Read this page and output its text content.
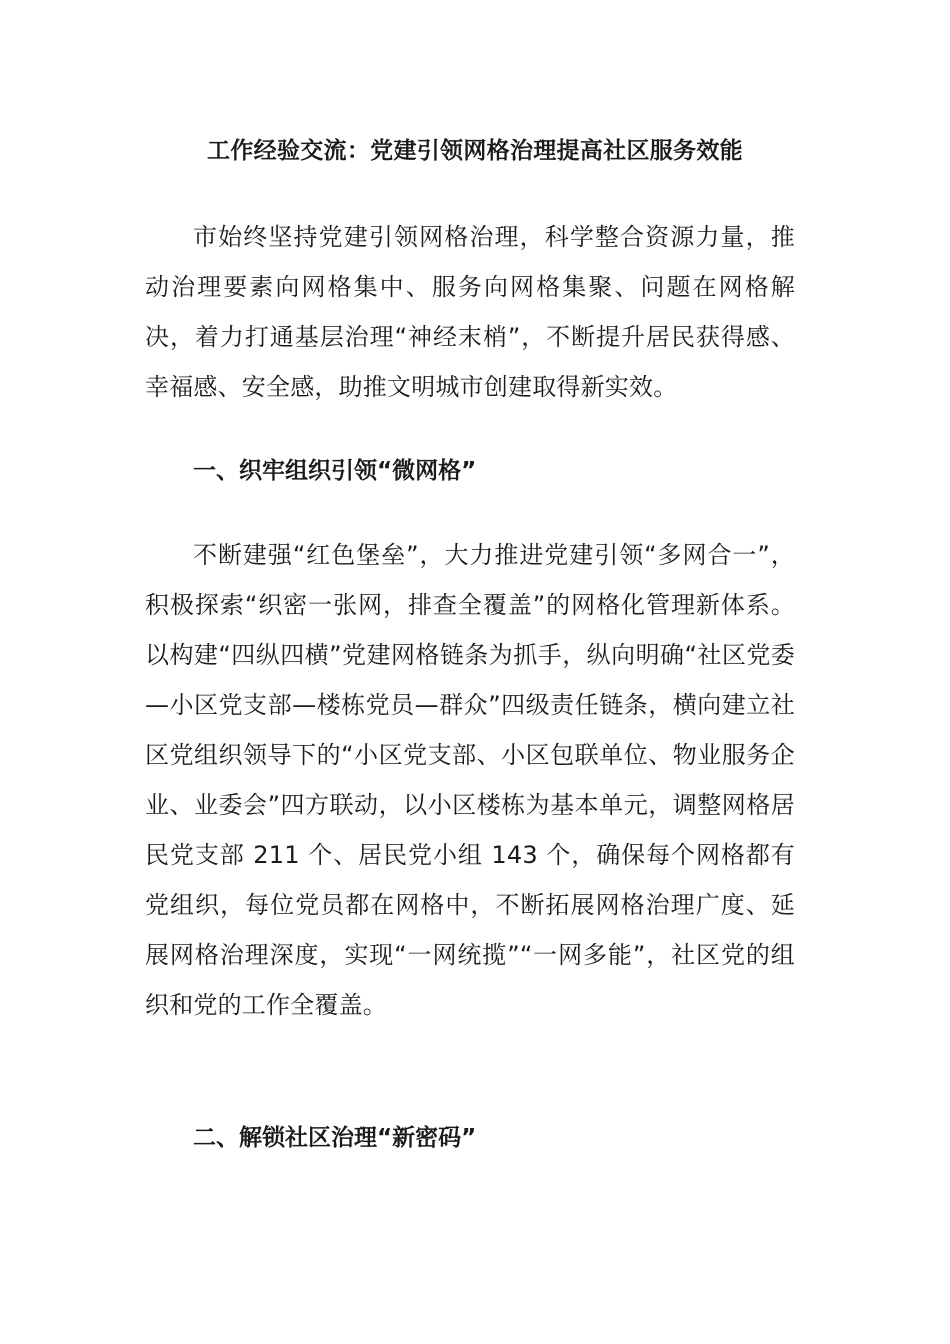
工作经验交流：党建引领网格治理提高社区服务效能

市始终坚持党建引领网格治理，科学整合资源力量，推动治理要素向网格集中、服务向网格集聚、问题在网格解决，着力打通基层治理“神经末梢”，不断提升居民获得感、幸福感、安全感，助推文明城市创建取得新实效。

一、织牢组织引领“微网格”

不断建强“红色堡垒”，大力推进党建引领“多网合一”，积极探索“织密一张网，排查全覆盖”的网格化管理新体系。以构建“四纵四横”党建网格链条为抓手，纵向明确“社区党委—小区党支部—楼栋党员—群众”四级责任链条，横向建立社区党组织领导下的“小区党支部、小区包联单位、物业服务企业、业委会”四方联动，以小区楼栋为基本单元，调整网格居民党支部 211 个、居民党小组 143 个，确保每个网格都有党组织，每位党员都在网格中，不断拓展网格治理广度、延展网格治理深度，实现“一网统揽”“一网多能”，社区党的组织和党的工作全覆盖。

二、解锁社区治理“新密码”
